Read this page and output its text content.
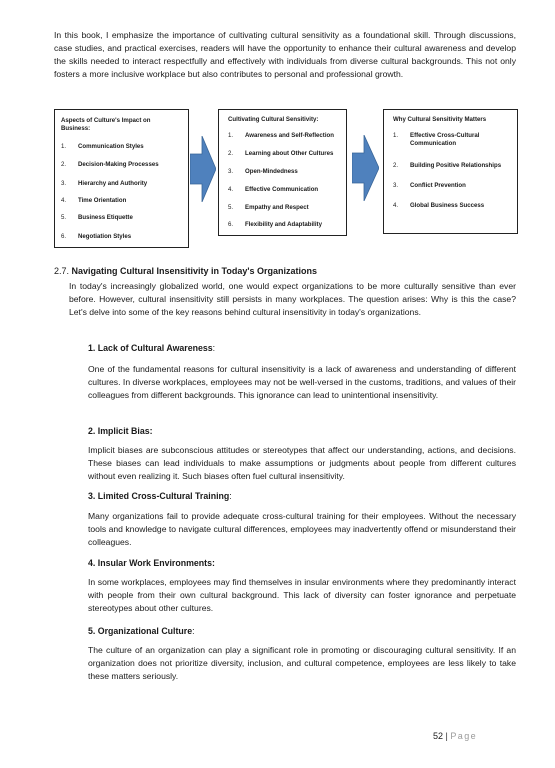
In this book, I emphasize the importance of cultivating cultural sensitivity as a foundational skill. Through discussions, case studies, and practical exercises, readers will have the opportunity to enhance their cultural awareness and develop the skills needed to interact respectfully and effectively with individuals from diverse cultural backgrounds. This not only fosters a more inclusive workplace but also contributes to personal and professional growth.

Aspects of Culture's Impact on Business:
1. Communication Styles
2. Decision-Making Processes
3. Hierarchy and Authority
4. Time Orientation
5. Business Etiquette
6. Negotiation Styles
Cultivating Cultural Sensitivity:
1. Awareness and Self-Reflection
2. Learning about Other Cultures
3. Open-Mindedness
4. Effective Communication
5. Empathy and Respect
6. Flexibility and Adaptability
Why Cultural Sensitivity Matters
1. Effective Cross-Cultural Communication
2. Building Positive Relationships
3. Conflict Prevention
4. Global Business Success
2.7. Navigating Cultural Insensitivity in Today's Organizations

In today's increasingly globalized world, one would expect organizations to be more culturally sensitive than ever before. However, cultural insensitivity still persists in many workplaces. The question arises: Why is this the case? Let's delve into some of the key reasons behind cultural insensitivity in today's organizations.

1. Lack of Cultural Awareness:

One of the fundamental reasons for cultural insensitivity is a lack of awareness and understanding of different cultures. In diverse workplaces, employees may not be well-versed in the customs, traditions, and values of their colleagues from different backgrounds. This ignorance can lead to unintentional insensitivity.

2. Implicit Bias:

Implicit biases are subconscious attitudes or stereotypes that affect our understanding, actions, and decisions. These biases can lead individuals to make assumptions or judgments about people from different cultures without even realizing it. Such biases often fuel cultural insensitivity.

3. Limited Cross-Cultural Training:

Many organizations fail to provide adequate cross-cultural training for their employees. Without the necessary tools and knowledge to navigate cultural differences, employees may inadvertently offend or misunderstand their colleagues.

4. Insular Work Environments:

In some workplaces, employees may find themselves in insular environments where they predominantly interact with people from their own cultural background. This lack of diversity can foster ignorance and perpetuate stereotypes about other cultures.

5. Organizational Culture:

The culture of an organization can play a significant role in promoting or discouraging cultural sensitivity. If an organization does not prioritize diversity, inclusion, and cultural competence, employees are less likely to take these matters seriously.

52 | Page
